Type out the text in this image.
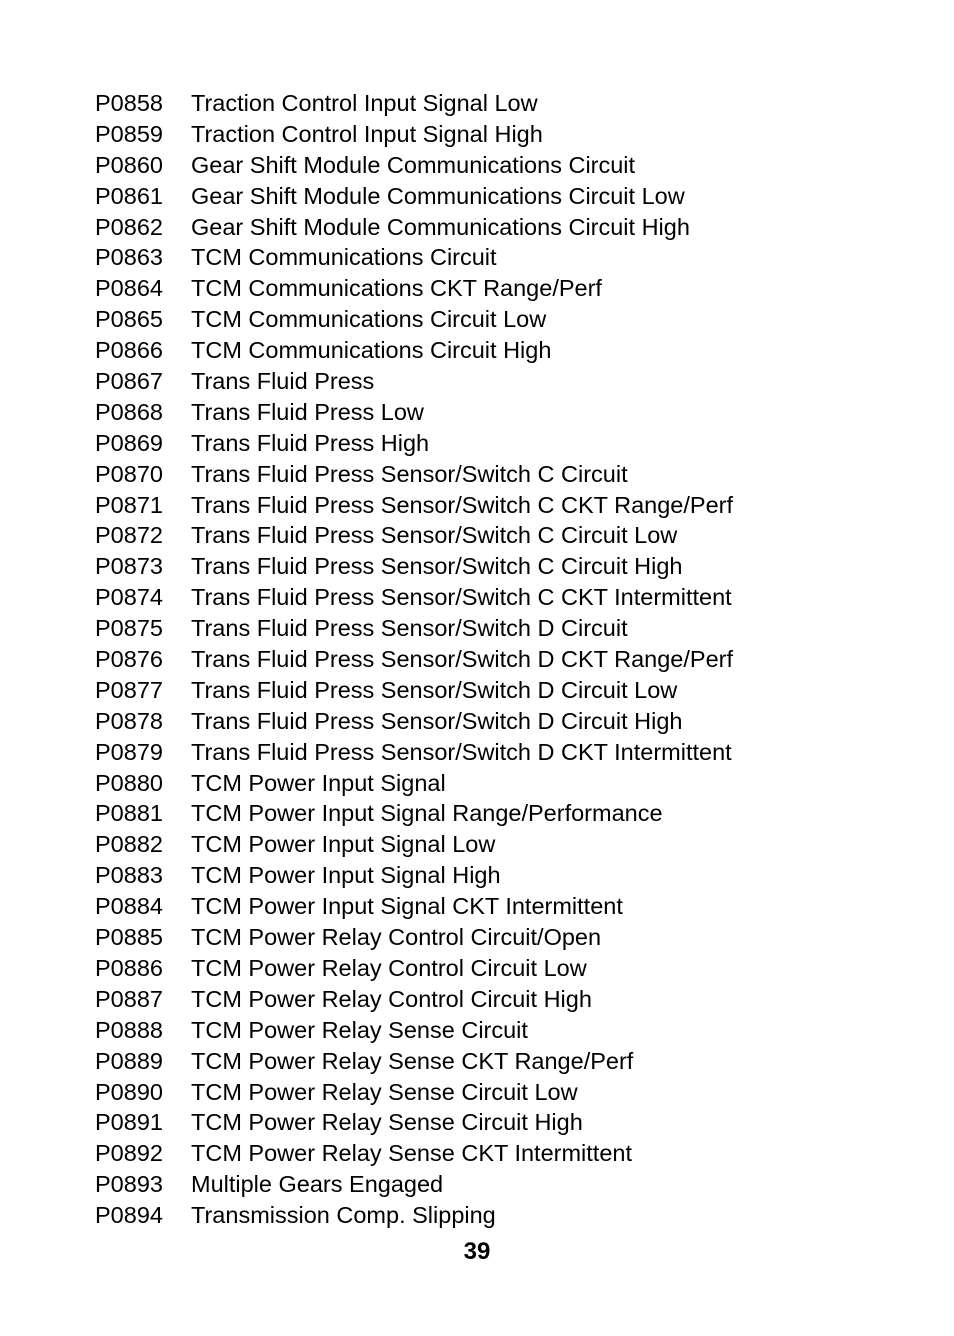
P0858	Traction Control Input Signal Low
P0859	Traction Control Input Signal High
P0860	Gear Shift Module Communications Circuit
P0861	Gear Shift Module Communications Circuit Low
P0862	Gear Shift Module Communications Circuit High
P0863	TCM Communications Circuit
P0864	TCM Communications CKT Range/Perf
P0865	TCM Communications Circuit Low
P0866	TCM Communications Circuit High
P0867	Trans Fluid Press
P0868	Trans Fluid Press Low
P0869	Trans Fluid Press High
P0870	Trans Fluid Press Sensor/Switch C Circuit
P0871	Trans Fluid Press Sensor/Switch C CKT Range/Perf
P0872	Trans Fluid Press Sensor/Switch C Circuit Low
P0873	Trans Fluid Press Sensor/Switch C Circuit High
P0874	Trans Fluid Press Sensor/Switch C CKT Intermittent
P0875	Trans Fluid Press Sensor/Switch D Circuit
P0876	Trans Fluid Press Sensor/Switch D CKT Range/Perf
P0877	Trans Fluid Press Sensor/Switch D Circuit Low
P0878	Trans Fluid Press Sensor/Switch D Circuit High
P0879	Trans Fluid Press Sensor/Switch D CKT Intermittent
P0880	TCM Power Input Signal
P0881	TCM Power Input Signal Range/Performance
P0882	TCM Power Input Signal Low
P0883	TCM Power Input Signal High
P0884	TCM Power Input Signal CKT Intermittent
P0885	TCM Power Relay Control Circuit/Open
P0886	TCM Power Relay Control Circuit Low
P0887	TCM Power Relay Control Circuit High
P0888	TCM Power Relay Sense Circuit
P0889	TCM Power Relay Sense CKT Range/Perf
P0890	TCM Power Relay Sense Circuit Low
P0891	TCM Power Relay Sense Circuit High
P0892	TCM Power Relay Sense CKT Intermittent
P0893	Multiple Gears Engaged
P0894	Transmission Comp. Slipping
39
